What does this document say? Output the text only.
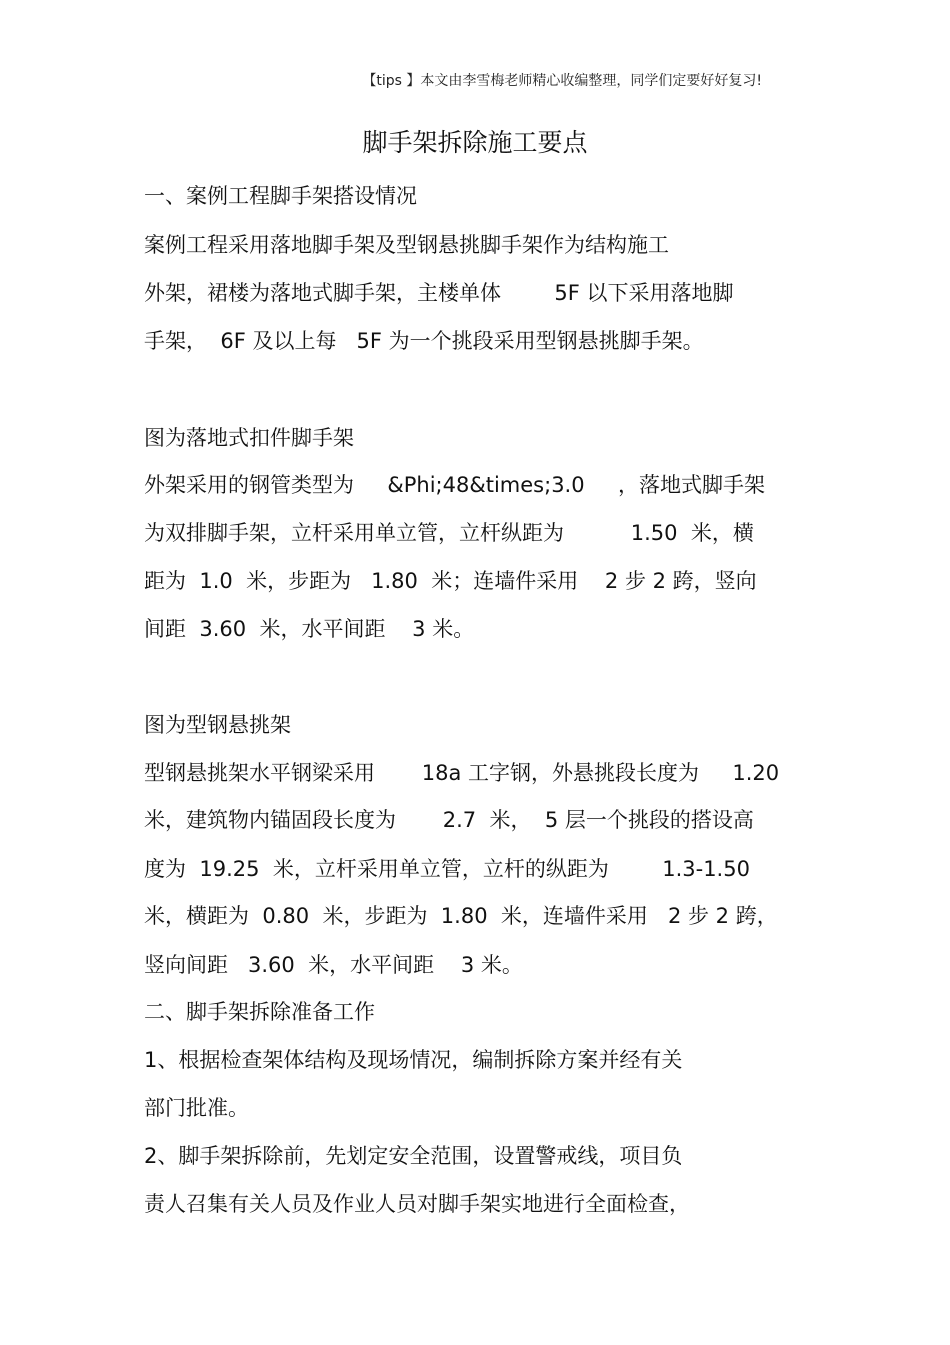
【tips 】本文由李雪梅老师精心收编整理，同学们定要好好复习!
脚手架拆除施工要点
一、案例工程脚手架搭设情况
案例工程采用落地脚手架及型钢悬挑脚手架作为结构施工
外架，裙楼为落地式脚手架，主楼单体        5F 以下采用落地脚
手架，  6F 及以上每   5F 为一个挑段采用型钢悬挑脚手架。
图为落地式扣件脚手架
外架采用的钢管类型为     &Phi;48&times;3.0     ，落地式脚手架
为双排脚手架，立杆采用单立管，立杆纵距为          1.50  米，横
距为  1.0  米，步距为   1.80  米；连墙件采用    2 步 2 跨，竖向
间距  3.60  米，水平间距    3 米。
图为型钢悬挑架
型钢悬挑架水平钢梁采用       18a 工字钢，外悬挑段长度为     1.20
米，建筑物内锚固段长度为       2.7  米，  5 层一个挑段的搭设高
度为  19.25  米，立杆采用单立管，立杆的纵距为        1.3-1.50
米，横距为  0.80  米，步距为  1.80  米，连墙件采用   2 步 2 跨，
竖向间距   3.60  米，水平间距    3 米。
二、脚手架拆除准备工作
1、根据检查架体结构及现场情况，编制拆除方案并经有关
部门批准。
2、脚手架拆除前，先划定安全范围，设置警戒线，项目负
责人召集有关人员及作业人员对脚手架实地进行全面检查，
